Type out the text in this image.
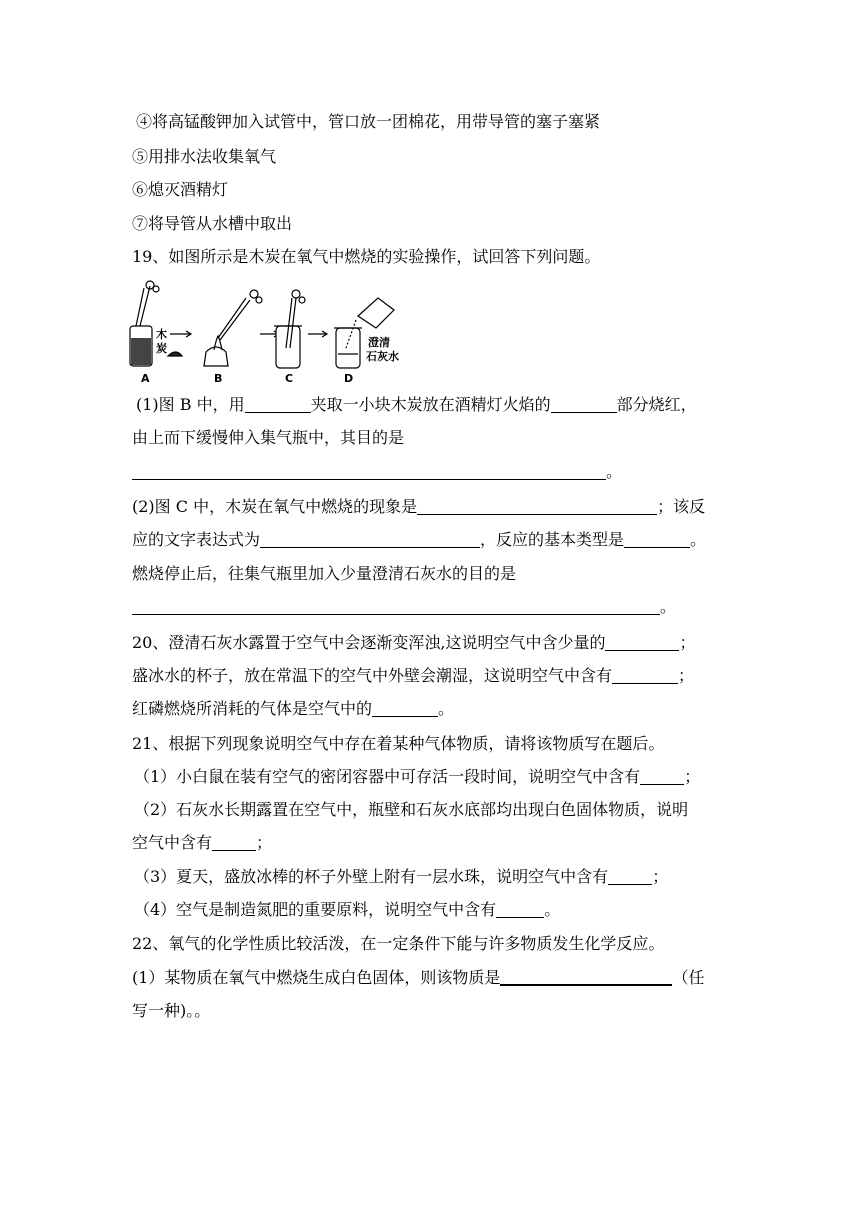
④将高锰酸钾加入试管中，管口放一团棉花，用带导管的塞子塞紧
⑤用排水法收集氧气
⑥熄灭酒精灯
⑦将导管从水槽中取出
19、如图所示是木炭在氧气中燃烧的实验操作，试回答下列问题。
木
炭	澄清
石灰水
A	B	C	D
(1)图 B 中，用	夹取一小块木炭放在酒精灯火焰的	部分烧红，
由上而下缓慢伸入集气瓶中，其目的是
。
(2)图 C 中，木炭在氧气中燃烧的现象是	；该反
应的文字表达式为	，反应的基本类型是	。
燃烧停止后，往集气瓶里加入少量澄清石灰水的目的是
。
20、澄清石灰水露置于空气中会逐渐变浑浊,这说明空气中含少量的	；
盛冰水的杯子，放在常温下的空气中外壁会潮湿，这说明空气中含有	；
红磷燃烧所消耗的气体是空气中的	。
21、根据下列现象说明空气中存在着某种气体物质，请将该物质写在题后。
（1）小白鼠在装有空气的密闭容器中可存活一段时间，说明空气中含有	；
（2）石灰水长期露置在空气中，瓶壁和石灰水底部均出现白色固体物质，说明
空气中含有	；
（3）夏天，盛放冰棒的杯子外壁上附有一层水珠，说明空气中含有	；
（4）空气是制造氮肥的重要原料，说明空气中含有	。
22、氧气的化学性质比较活泼，在一定条件下能与许多物质发生化学反应。
(1）某物质在氧气中燃烧生成白色固体，则该物质是	（任
写一种)。。
